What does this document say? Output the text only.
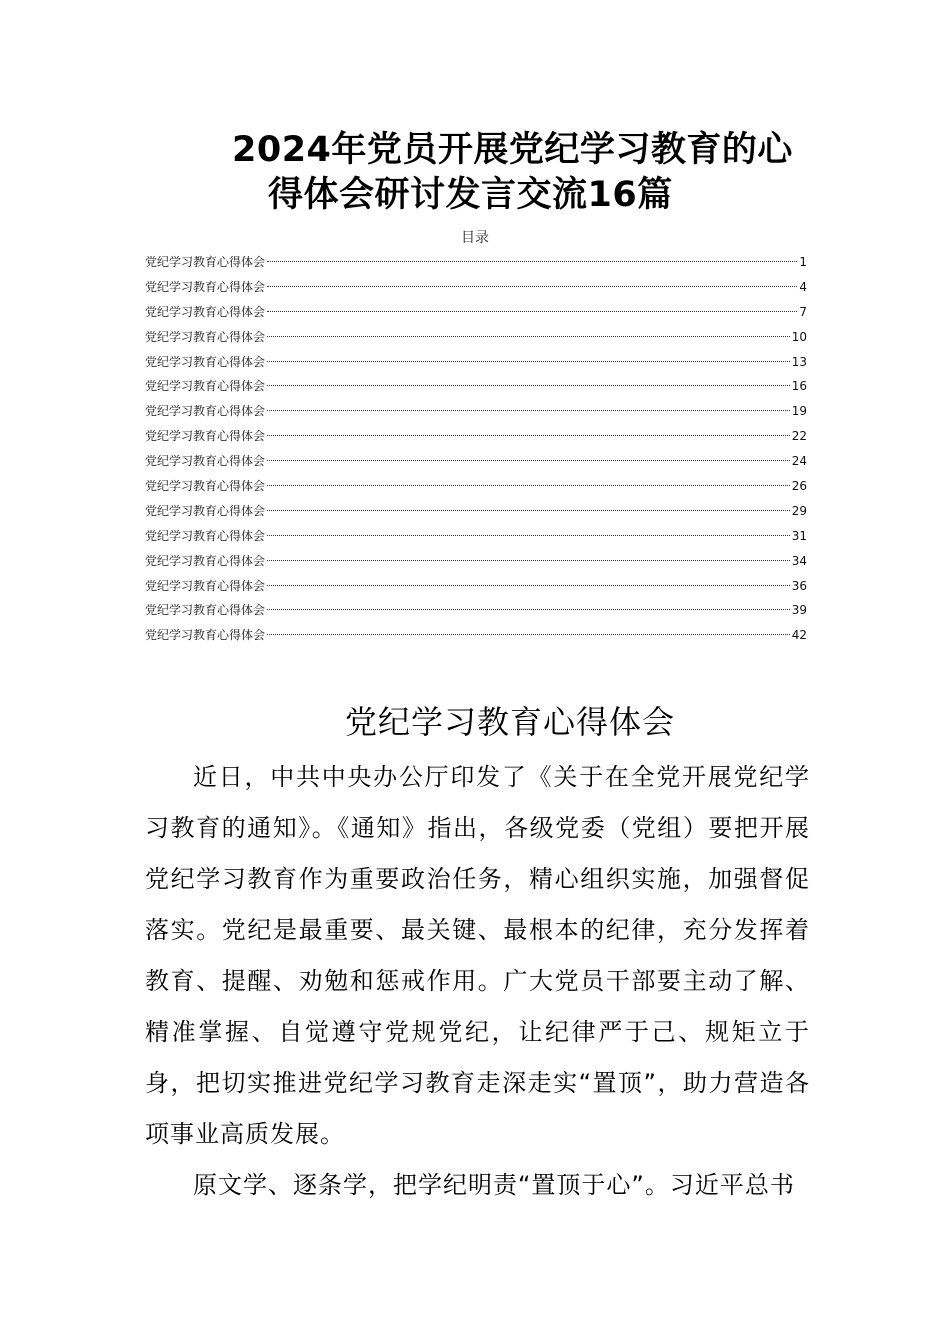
2024年党员开展党纪学习教育的心
得体会研讨发言交流16篇
目录
党纪学习教育心得体会	1
党纪学习教育心得体会	4
党纪学习教育心得体会	7
党纪学习教育心得体会	10
党纪学习教育心得体会	13
党纪学习教育心得体会	16
党纪学习教育心得体会	19
党纪学习教育心得体会	22
党纪学习教育心得体会	24
党纪学习教育心得体会	26
党纪学习教育心得体会	29
党纪学习教育心得体会	31
党纪学习教育心得体会	34
党纪学习教育心得体会	36
党纪学习教育心得体会	39
党纪学习教育心得体会	42
党纪学习教育心得体会

近日，中共中央办公厅印发了《关于在全党开展党纪学习教育的通知》。《通知》指出，各级党委（党组）要把开展党纪学习教育作为重要政治任务，精心组织实施，加强督促落实。党纪是最重要、最关键、最根本的纪律，充分发挥着教育、提醒、劝勉和惩戒作用。广大党员干部要主动了解、精准掌握、自觉遵守党规党纪，让纪律严于己、规矩立于身，把切实推进党纪学习教育走深走实“置顶”，助力营造各项事业高质发展。

原文学、逐条学，把学纪明责“置顶于心”。习近平总书
